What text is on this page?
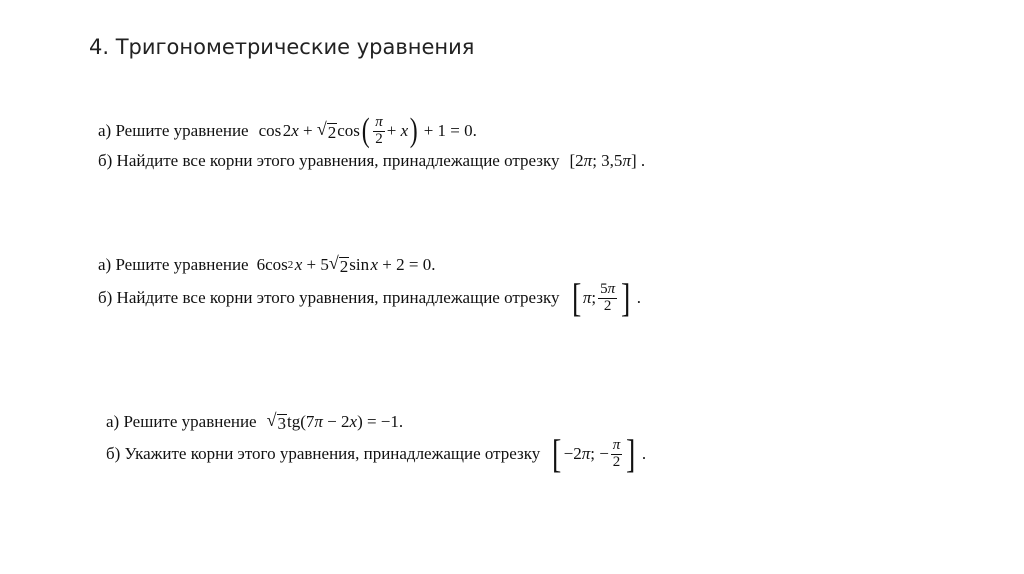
4. Тригонометрические уравнения
а) Решите уравнение cos 2 x + √ 2 cos ( $\frac{\pi}{2} + x$ ) + 1 = 0.
б) Найдите все корни этого уравнения, принадлежащие отрезку [2 π ; 3,5 π ] .
а) Решите уравнение 6cos 2
  x + 5 √ 2 sin  x + 2 = 0.
б) Найдите все корни этого уравнения, принадлежащие отрезку [ π ; $\frac{5\pi}{2}$ ] .
а) Решите уравнение √ 3 tg(7 π − 2 x ) = −1.
б) Укажите корни этого уравнения, принадлежащие отрезку [ −2 π ; − $\frac{\pi}{2}$ ] .
